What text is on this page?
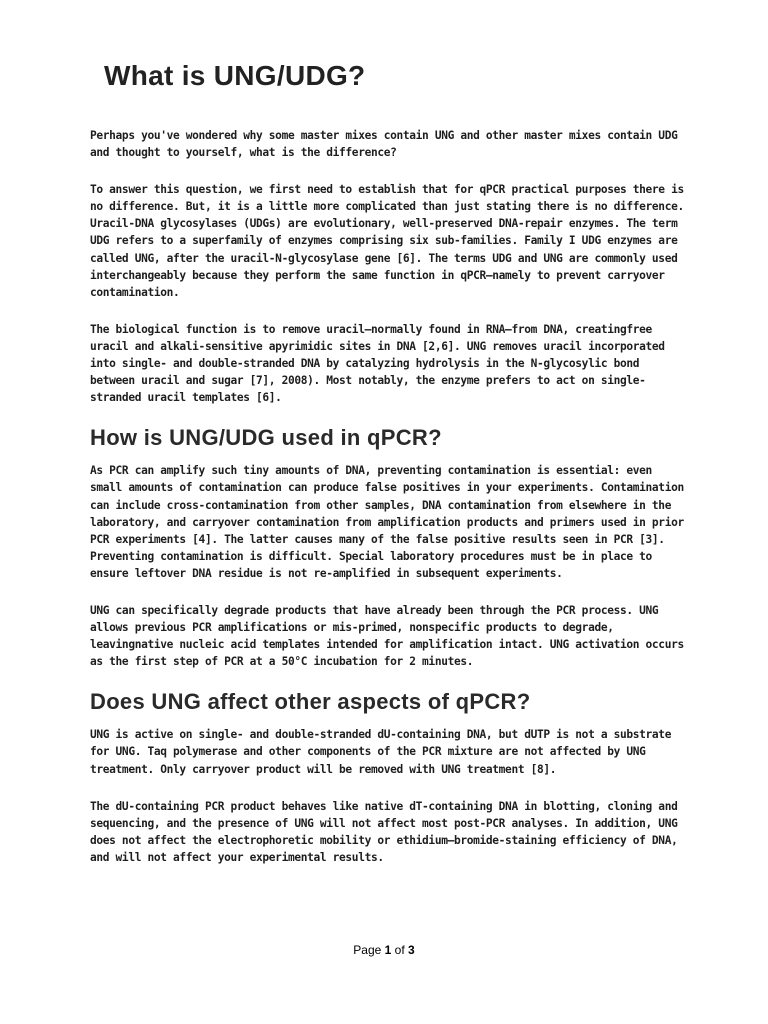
What is UNG/UDG?

Perhaps you've wondered why some master mixes contain UNG and other master mixes contain UDG and thought to yourself, what is the difference?

To answer this question, we first need to establish that for qPCR practical purposes there is no difference. But, it is a little more complicated than just stating there is no difference. Uracil-DNA glycosylases (UDGs) are evolutionary, well-preserved DNA-repair enzymes. The term UDG refers to a superfamily of enzymes comprising six sub-families. Family I UDG enzymes are called UNG, after the uracil-N-glycosylase gene [6]. The terms UDG and UNG are commonly used interchangeably because they perform the same function in qPCR—namely to prevent carryover contamination.

The biological function is to remove uracil—normally found in RNA—from DNA, creatingfree uracil and alkali-sensitive apyrimidic sites in DNA [2,6]. UNG removes uracil incorporated into single- and double-stranded DNA by catalyzing hydrolysis in the N-glycosylic bond between uracil and sugar [7], 2008). Most notably, the enzyme prefers to act on single-stranded uracil templates [6].

How is UNG/UDG used in qPCR?

As PCR can amplify such tiny amounts of DNA, preventing contamination is essential: even small amounts of contamination can produce false positives in your experiments. Contamination can include cross-contamination from other samples, DNA contamination from elsewhere in the laboratory, and carryover contamination from amplification products and primers used in prior PCR experiments [4]. The latter causes many of the false positive results seen in PCR [3]. Preventing contamination is difficult. Special laboratory procedures must be in place to ensure leftover DNA residue is not re-amplified in subsequent experiments.

UNG can specifically degrade products that have already been through the PCR process. UNG allows previous PCR amplifications or mis-primed, nonspecific products to degrade, leavingnative nucleic acid templates intended for amplification intact. UNG activation occurs as the first step of PCR at a 50°C incubation for 2 minutes.

Does UNG affect other aspects of qPCR?

UNG is active on single- and double-stranded dU-containing DNA, but dUTP is not a substrate for UNG. Taq polymerase and other components of the PCR mixture are not affected by UNG treatment. Only carryover product will be removed with UNG treatment [8].

The dU-containing PCR product behaves like native dT-containing DNA in blotting, cloning and sequencing, and the presence of UNG will not affect most post-PCR analyses. In addition, UNG does not affect the electrophoretic mobility or ethidium–bromide-staining efficiency of DNA, and will not affect your experimental results.

Page 1 of 3
